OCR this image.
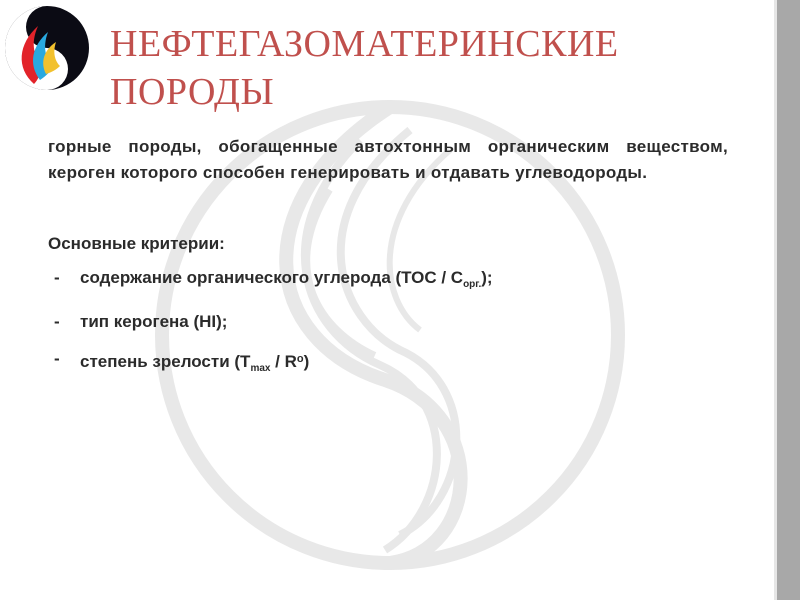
НЕФТЕГАЗОМАТЕРИНСКИЕ ПОРОДЫ

горные породы, обогащенные автохтонным органическим веществом, кероген которого способен генерировать и отдавать углеводороды.

Основные критерии:

- содержание органического углерода $(ТОС / С_{орг.})$;
- тип керогена (HI);
- степень зрелости $(Т_{max} / R^o)$
